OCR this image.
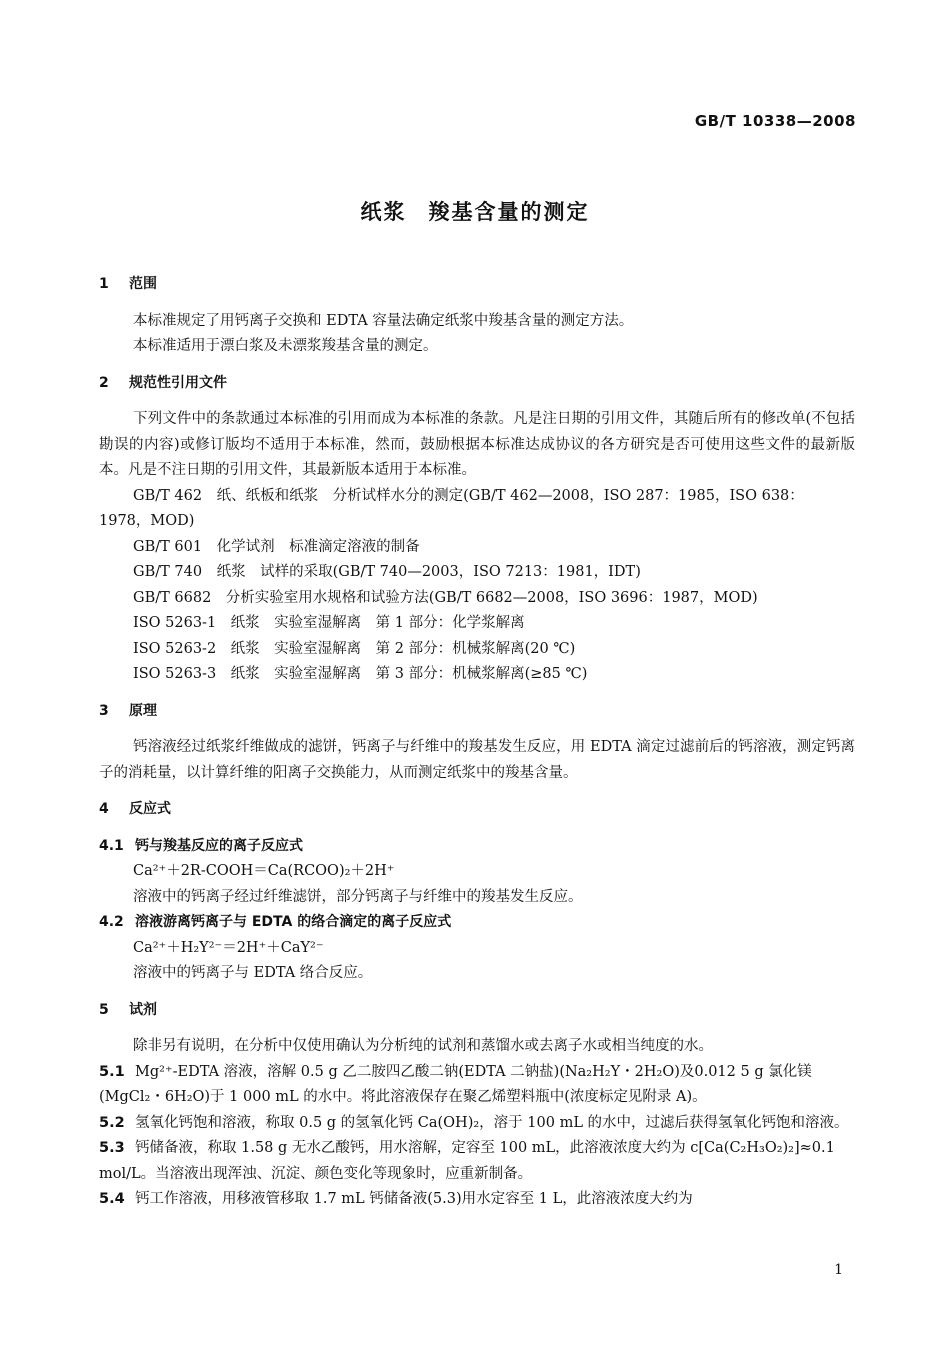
GB/T 10338—2008
纸浆 羧基含量的测定
1 范围
本标准规定了用钙离子交换和 EDTA 容量法确定纸浆中羧基含量的测定方法。
本标准适用于漂白浆及未漂浆羧基含量的测定。
2 规范性引用文件
下列文件中的条款通过本标准的引用而成为本标准的条款。凡是注日期的引用文件，其随后所有的修改单(不包括勘误的内容)或修订版均不适用于本标准，然而，鼓励根据本标准达成协议的各方研究是否可使用这些文件的最新版本。凡是不注日期的引用文件，其最新版本适用于本标准。
GB/T 462　纸、纸板和纸浆　分析试样水分的测定(GB/T 462—2008，ISO 287：1985，ISO 638：
1978，MOD)
GB/T 601　化学试剂　标准滴定溶液的制备
GB/T 740　纸浆　试样的采取(GB/T 740—2003，ISO 7213：1981，IDT)
GB/T 6682　分析实验室用水规格和试验方法(GB/T 6682—2008，ISO 3696：1987，MOD)
ISO 5263-1　纸浆　实验室湿解离　第 1 部分：化学浆解离
ISO 5263-2　纸浆　实验室湿解离　第 2 部分：机械浆解离(20 ℃)
ISO 5263-3　纸浆　实验室湿解离　第 3 部分：机械浆解离(≥85 ℃)
3 原理
钙溶液经过纸浆纤维做成的滤饼，钙离子与纤维中的羧基发生反应，用 EDTA 滴定过滤前后的钙溶液，测定钙离子的消耗量，以计算纤维的阳离子交换能力，从而测定纸浆中的羧基含量。
4 反应式
4.1 钙与羧基反应的离子反应式
Ca²⁺＋2R-COOH＝Ca(RCOO)₂＋2H⁺
溶液中的钙离子经过纤维滤饼，部分钙离子与纤维中的羧基发生反应。
4.2 溶液游离钙离子与 EDTA 的络合滴定的离子反应式
Ca²⁺＋H₂Y²⁻＝2H⁺＋CaY²⁻
溶液中的钙离子与 EDTA 络合反应。
5 试剂
除非另有说明，在分析中仅使用确认为分析纯的试剂和蒸馏水或去离子水或相当纯度的水。
5.1 Mg²⁺-EDTA 溶液，溶解 0.5 g 乙二胺四乙酸二钠(EDTA 二钠盐)(Na₂H₂Y・2H₂O)及0.012 5 g 氯化镁(MgCl₂・6H₂O)于 1 000 mL 的水中。将此溶液保存在聚乙烯塑料瓶中(浓度标定见附录 A)。
5.2 氢氧化钙饱和溶液，称取 0.5 g 的氢氧化钙 Ca(OH)₂，溶于 100 mL 的水中，过滤后获得氢氧化钙饱和溶液。
5.3 钙储备液，称取 1.58 g 无水乙酸钙，用水溶解，定容至 100 mL，此溶液浓度大约为 c[Ca(C₂H₃O₂)₂]≈0.1 mol/L。当溶液出现浑浊、沉淀、颜色变化等现象时，应重新制备。
5.4 钙工作溶液，用移液管移取 1.7 mL 钙储备液(5.3)用水定容至 1 L，此溶液浓度大约为
1
